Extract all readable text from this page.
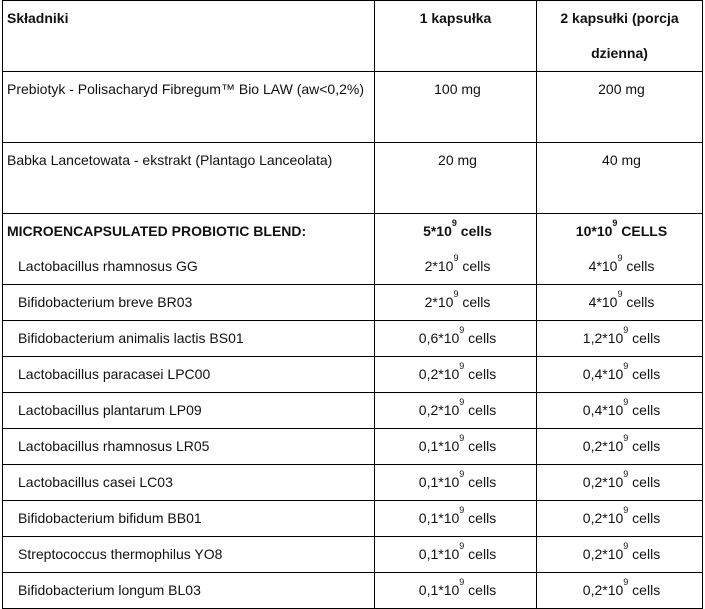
Składniki	1 kapsułka	2 kapsułki (porcja dzienna)
Prebiotyk - Polisacharyd Fibregum™ Bio LAW (aw<0,2%)	100 mg	200 mg
Babka Lancetowata - ekstrakt (Plantago Lanceolata)	20 mg	40 mg
MICROENCAPSULATED PROBIOTIC BLEND:	$5*10^9$ cells	$10*10^9$ CELLS
Lactobacillus rhamnosus GG	$2*10^9$ cells	$4*10^9$ cells
Bifidobacterium breve BR03	$2*10^9$ cells	$4*10^9$ cells
Bifidobacterium animalis lactis BS01	$0,6*10^9$ cells	$1,2*10^9$ cells
Lactobacillus paracasei LPC00	$0,2*10^9$ cells	$0,4*10^9$ cells
Lactobacillus plantarum LP09	$0,2*10^9$ cells	$0,4*10^9$ cells
Lactobacillus rhamnosus LR05	$0,1*10^9$ cells	$0,2*10^9$ cells
Lactobacillus casei LC03	$0,1*10^9$ cells	$0,2*10^9$ cells
Bifidobacterium bifidum BB01	$0,1*10^9$ cells	$0,2*10^9$ cells
Streptococcus thermophilus YO8	$0,1*10^9$ cells	$0,2*10^9$ cells
Bifidobacterium longum BL03	$0,1*10^9$ cells	$0,2*10^9$ cells
